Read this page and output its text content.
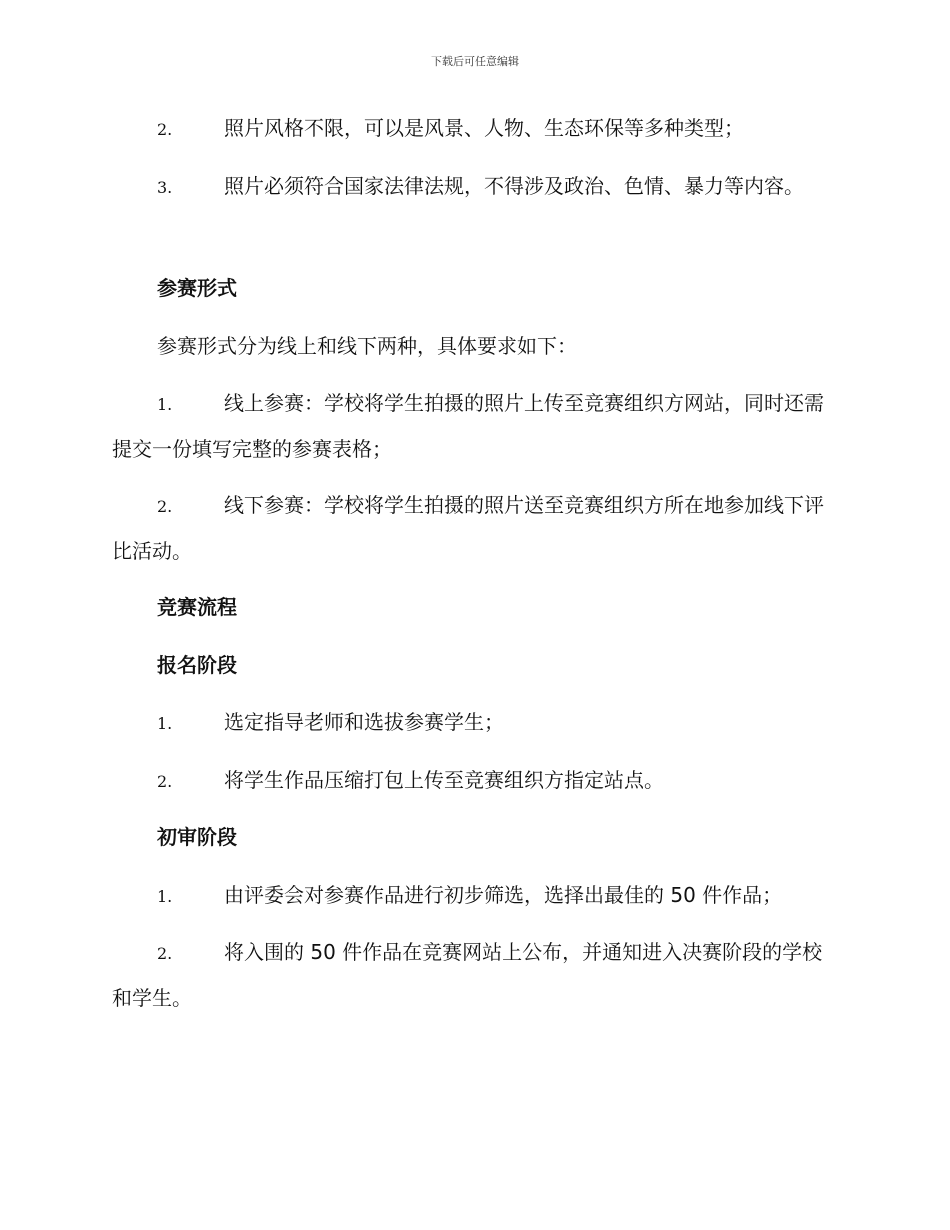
下载后可任意编辑
2.	照片风格不限，可以是风景、人物、生态环保等多种类型；
3.	照片必须符合国家法律法规，不得涉及政治、色情、暴力等内容。
参赛形式
参赛形式分为线上和线下两种，具体要求如下：
1.	线上参赛：学校将学生拍摄的照片上传至竞赛组织方网站，同时还需提交一份填写完整的参赛表格；
2.	线下参赛：学校将学生拍摄的照片送至竞赛组织方所在地参加线下评比活动。
竞赛流程
报名阶段
1.	选定指导老师和选拔参赛学生；
2.	将学生作品压缩打包上传至竞赛组织方指定站点。
初审阶段
1.	由评委会对参赛作品进行初步筛选，选择出最佳的 50 件作品；
2.	将入围的 50 件作品在竞赛网站上公布，并通知进入决赛阶段的学校和学生。
